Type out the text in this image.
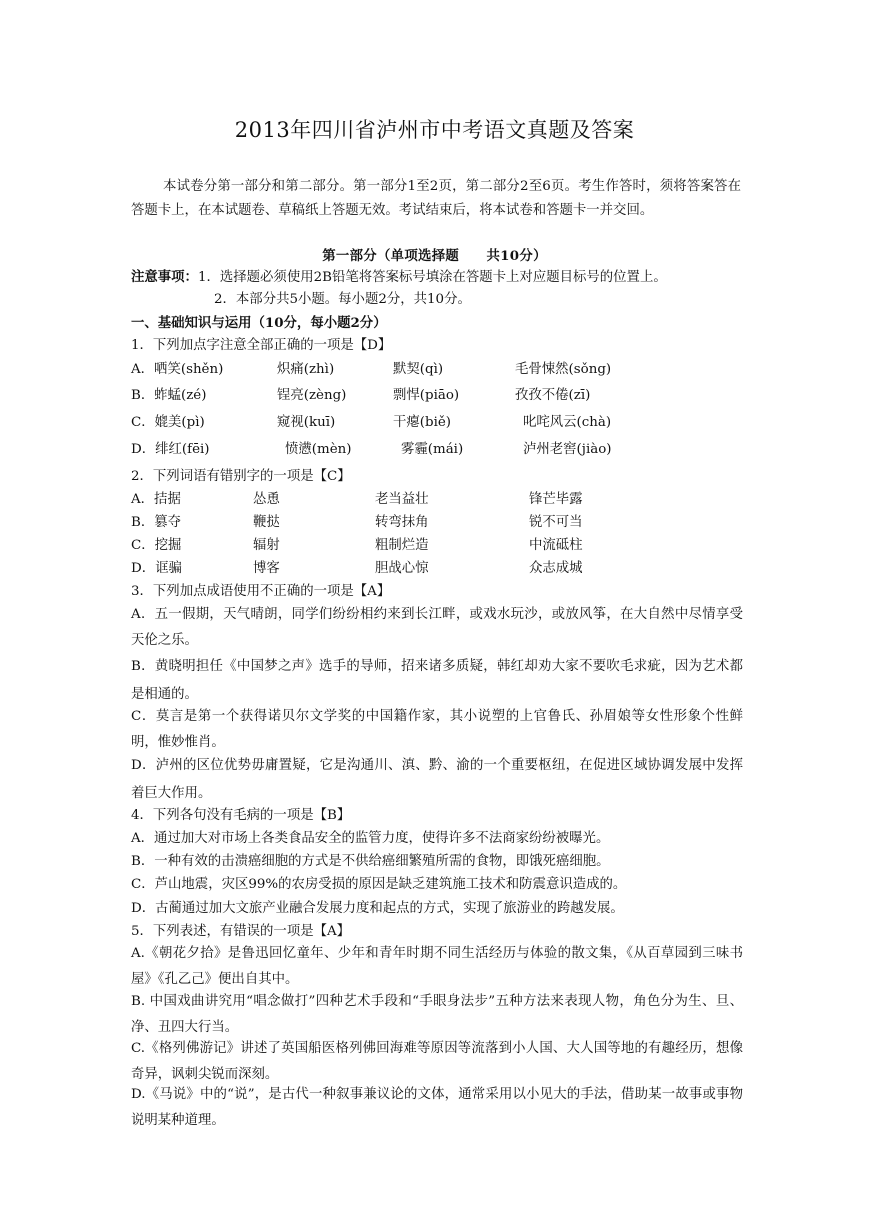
2013年四川省泸州市中考语文真题及答案
本试卷分第一部分和第二部分。第一部分1至2页，第二部分2至6页。考生作答时，须将答案答在答题卡上，在本试题卷、草稿纸上答题无效。考试结束后，将本试卷和答题卡一并交回。
第一部分（单项选择题　　共10分）
注意事项：1．选择题必须使用2B铅笔将答案标号填涂在答题卡上对应题目标号的位置上。
2．本部分共5小题。每小题2分，共10分。
一、基础知识与运用（10分，每小题2分）
1．下列加点字注意全部正确的一项是【D】
A．哂笑(shěn)	炽痛(zhì)	默契(qì)	毛骨悚然(sǒng)
B．蚱蜢(zé)	锃亮(zèng)	剽悍(piāo)	孜孜不倦(zī)
C．媲美(pì)	窥视(kuī)	干瘪(biě)	叱咤风云(chà)
D．绯红(fēi)	愤懑(mèn)	雾霾(mái)	泸州老窖(jiào)
2．下列词语有错别字的一项是【C】
A．拮据	怂恿	老当益壮	锋芒毕露
B．篡夺	鞭挞	转弯抹角	锐不可当
C．挖掘	辐射	粗制烂造	中流砥柱
D．诓骗	博客	胆战心惊	众志成城
3．下列加点成语使用不正确的一项是【A】
A．五一假期，天气晴朗，同学们纷纷相约来到长江畔，或戏水玩沙，或放风筝，在大自然中尽情享受天伦之乐。
B．黄晓明担任《中国梦之声》选手的导师，招来诸多质疑，韩红却劝大家不要吹毛求疵，因为艺术都是相通的。
C．莫言是第一个获得诺贝尔文学奖的中国籍作家，其小说塑的上官鲁氏、孙眉娘等女性形象个性鲜明，惟妙惟肖。
D．泸州的区位优势毋庸置疑，它是沟通川、滇、黔、渝的一个重要枢纽，在促进区域协调发展中发挥着巨大作用。
4．下列各句没有毛病的一项是【B】
A．通过加大对市场上各类食品安全的监管力度，使得许多不法商家纷纷被曝光。
B．一种有效的击溃癌细胞的方式是不供给癌细繁殖所需的食物，即饿死癌细胞。
C．芦山地震，灾区99%的农房受损的原因是缺乏建筑施工技术和防震意识造成的。
D．古蔺通过加大文旅产业融合发展力度和起点的方式，实现了旅游业的跨越发展。
5．下列表述，有错误的一项是【A】
A.《朝花夕拾》是鲁迅回忆童年、少年和青年时期不同生活经历与体验的散文集，《从百草园到三味书屋》《孔乙己》便出自其中。
B. 中国戏曲讲究用“唱念做打”四种艺术手段和“手眼身法步”五种方法来表现人物，角色分为生、旦、净、丑四大行当。
C.《格列佛游记》讲述了英国船医格列佛回海难等原因等流落到小人国、大人国等地的有趣经历，想像奇异，讽刺尖锐而深刻。
D.《马说》中的“说”，是古代一种叙事兼议论的文体，通常采用以小见大的手法，借助某一故事或事物说明某种道理。
